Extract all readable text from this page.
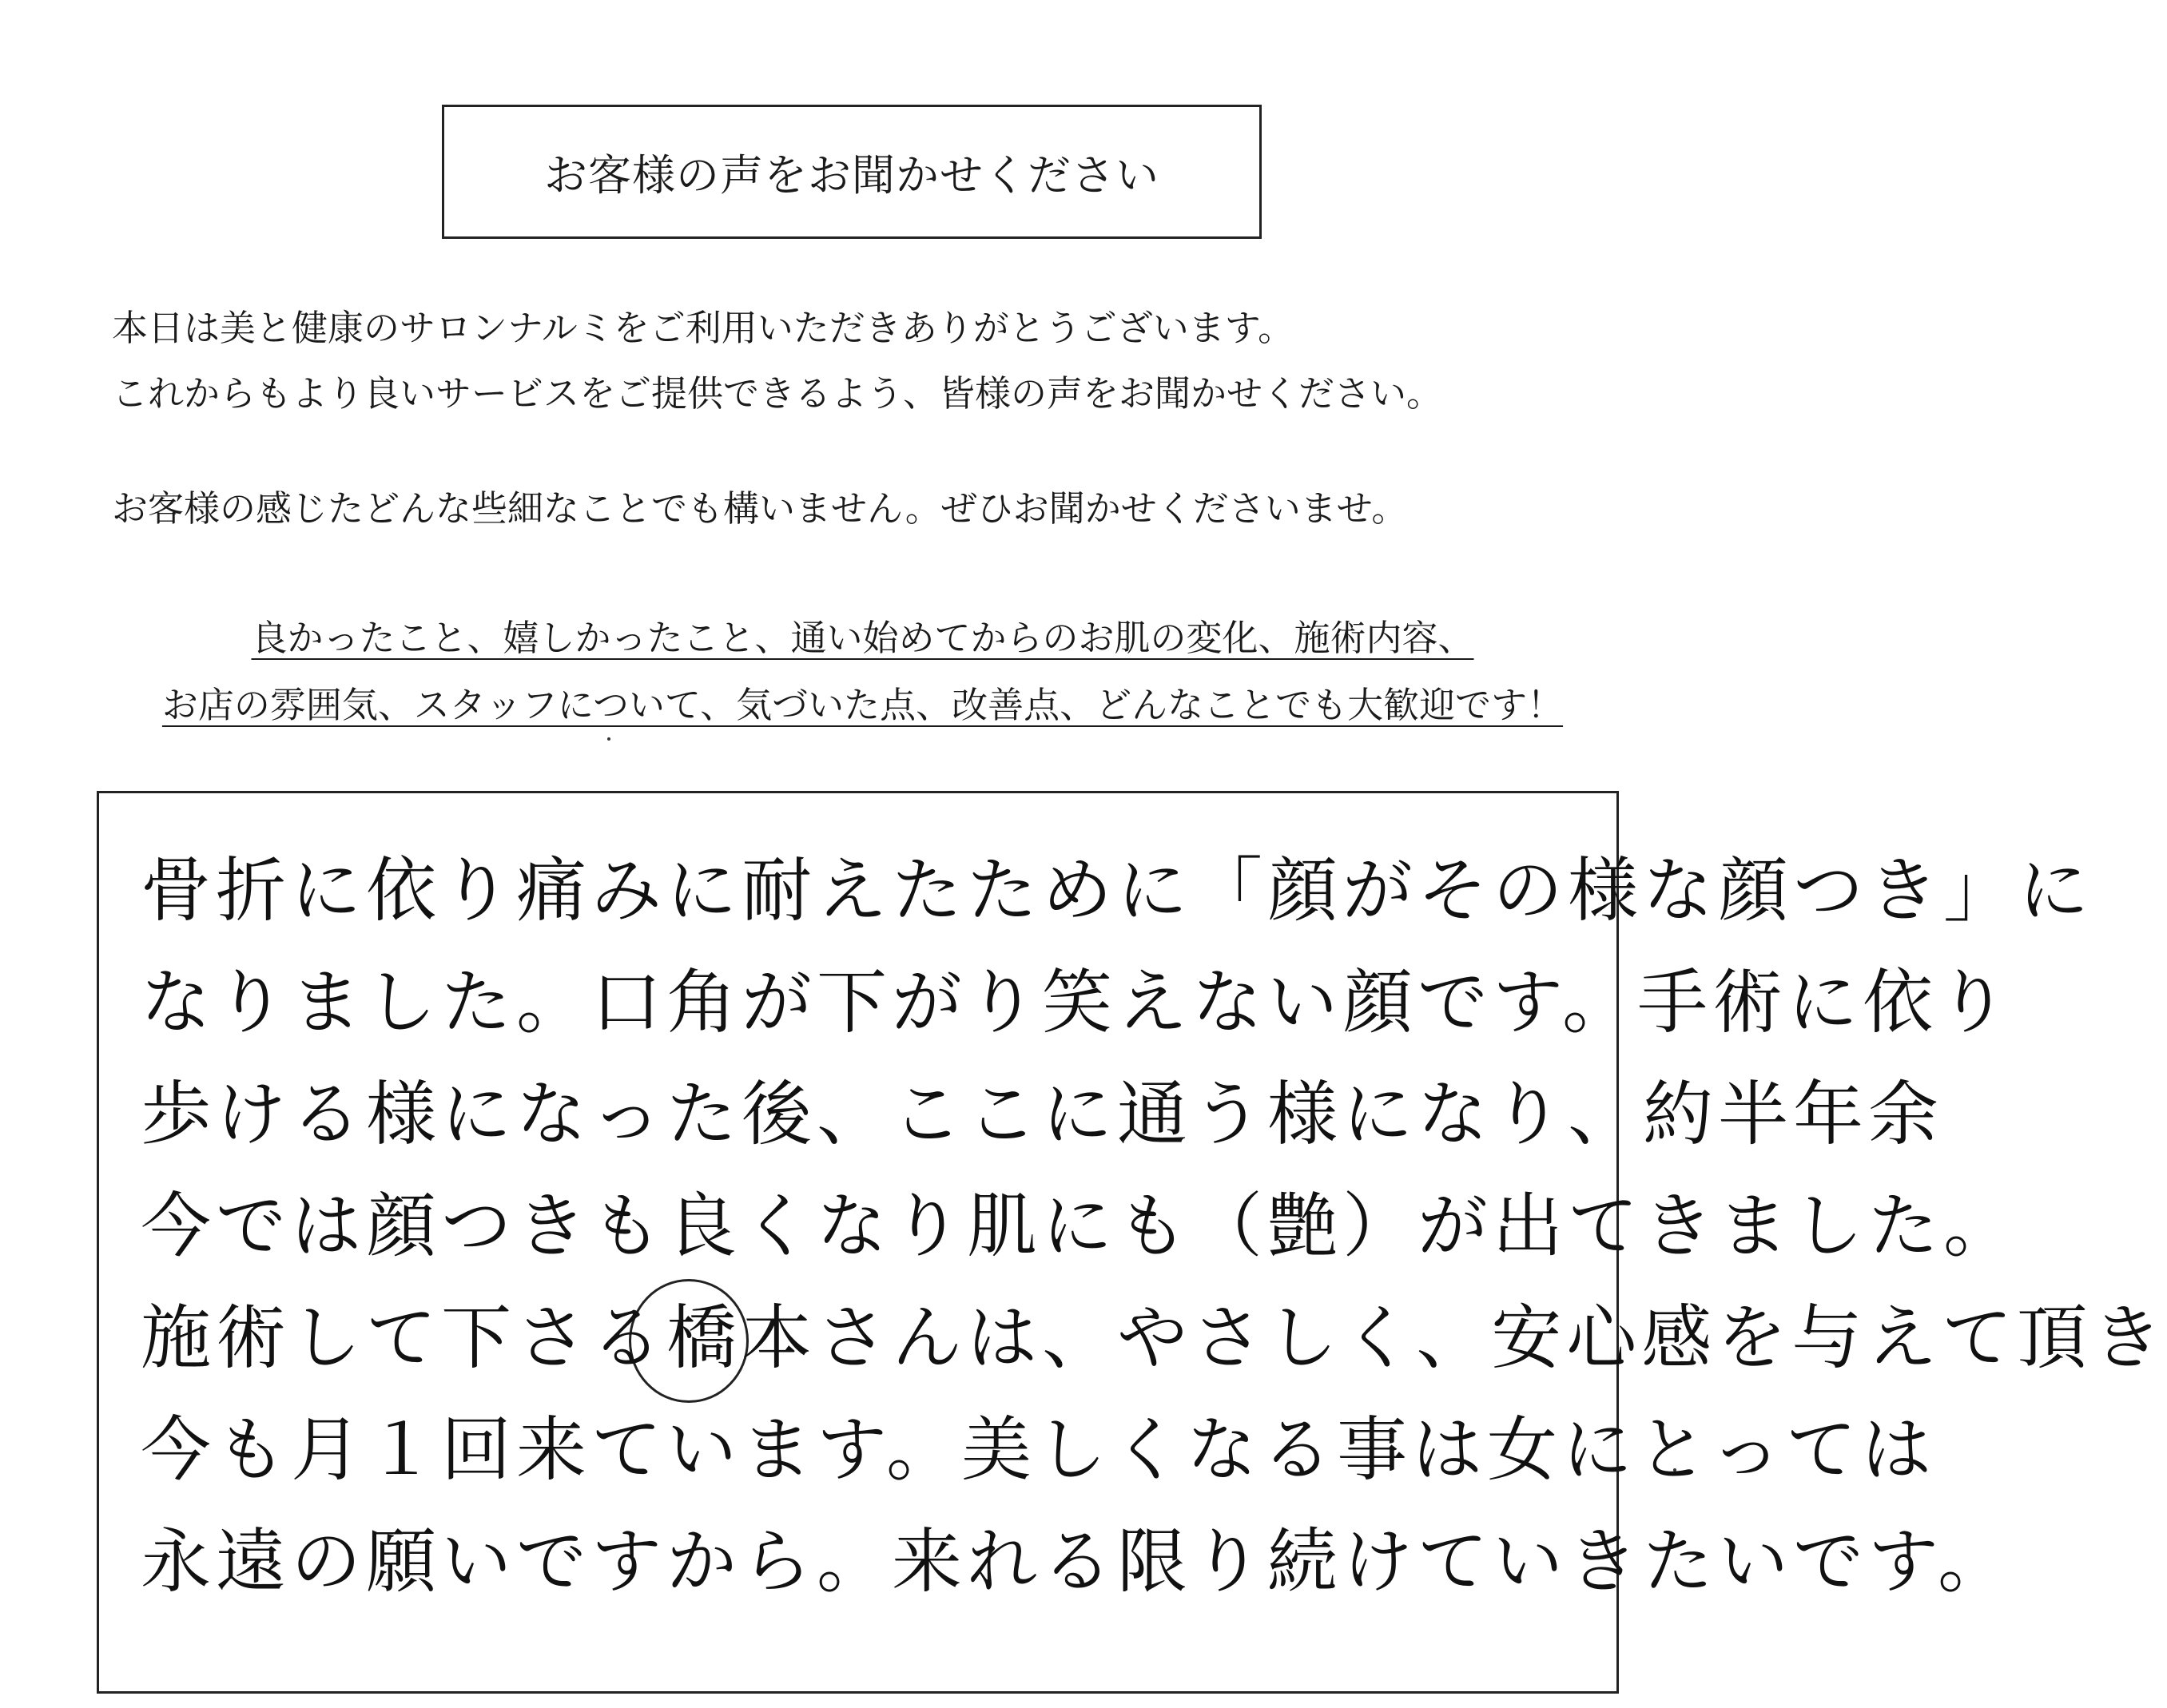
お客様の声をお聞かせください
本日は美と健康のサロンナルミをご利用いただきありがとうございます。
これからもより良いサービスをご提供できるよう、皆様の声をお聞かせください。
お客様の感じたどんな些細なことでも構いません。ぜひお聞かせくださいませ。
良かったこと、嬉しかったこと、通い始めてからのお肌の変化、施術内容、
お店の雰囲気、スタッフについて、気づいた点、改善点、どんなことでも大歓迎です！
骨折に依り痛みに耐えたために「顔がその様な顔つき」に
なりました。口角が下がり笑えない顔です。手術に依り
歩ける様になった後、ここに通う様になり、約半年余
今では顔つきも良くなり肌にも（艶）が出てきました。
施術して下さる橋本さんは、やさしく、安心感を与えて頂き
今も月１回来ています。美しくなる事は女にとっては
永遠の願いですから。来れる限り続けていきたいです。
